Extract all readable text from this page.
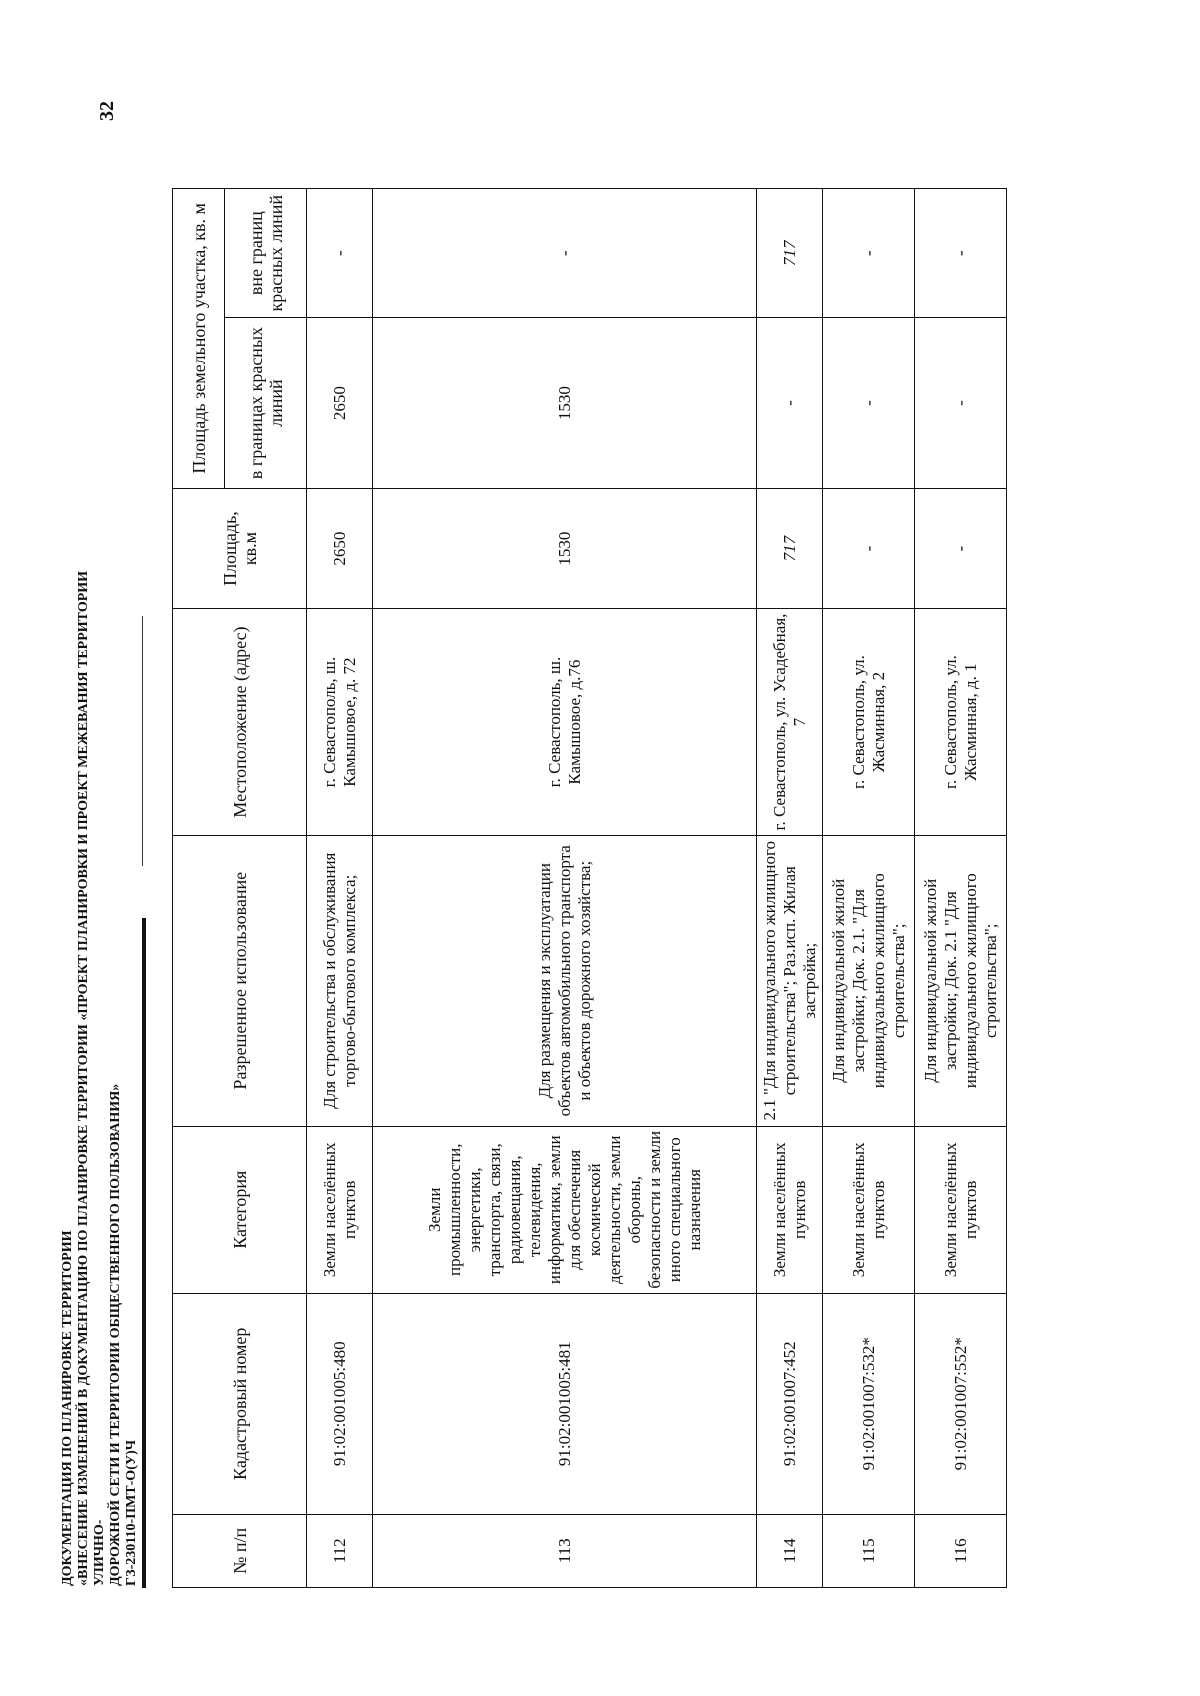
32
ДОКУМЕНТАЦИЯ ПО ПЛАНИРОВКЕ ТЕРРИТОРИИ «ВНЕСЕНИЕ ИЗМЕНЕНИЙ В ДОКУМЕНТАЦИЮ ПО ПЛАНИРОВКЕ ТЕРРИТОРИИ «ПРОЕКТ ПЛАНИРОВКИ И ПРОЕКТ МЕЖЕВАНИЯ ТЕРРИТОРИИ УЛИЧНО- ДОРОЖНОЙ СЕТИ И ТЕРРИТОРИИ ОБЩЕСТВЕННОГО ПОЛЬЗОВАНИЯ» ГЗ-230110-ПМТ-О(У)Ч	№ п/п	Кадастровый номер	Категория	Разрешенное использование	Местоположение (адрес)	Площадь, кв.м	Площадь земельного участка, кв. м	
						в границах красных линий	вне границ красных линий
112	91:02:001005:480	Земли населённых пунктов	Для строительства и обслуживания торгово-бытового комплекса;	г. Севастополь, ш. Камышовое, д. 72	2650	2650	-
113	91:02:001005:481	Земли промышленности, энергетики, транспорта, связи, радиовещания, телевидения, информатики, земли для обеспечения космической деятельности, земли обороны, безопасности и земли иного специального назначения	Для размещения и эксплуатации объектов автомобильного транспорта и объектов дорожного хозяйства;	г. Севастополь, ш. Камышовое, д.76	1530	1530	-
114	91:02:001007:452	Земли населённых пунктов	2.1 "Для индивидуального жилищного строительства"; Раз.исп. Жилая застройка;	г. Севастополь, ул. Усадебная, 7	717	-	717
115	91:02:001007:532*	Земли населённых пунктов	Для индивидуальной жилой застройки; Док. 2.1. "Для индивидуального жилищного строительства";	г. Севастополь, ул. Жасминная, 2	-	-	-
116	91:02:001007:552*	Земли населённых пунктов	Для индивидуальной жилой застройки; Док. 2.1 "Для индивидуального жилищного строительства";	г. Севастополь, ул. Жасминная, д. 1	-	-	-
